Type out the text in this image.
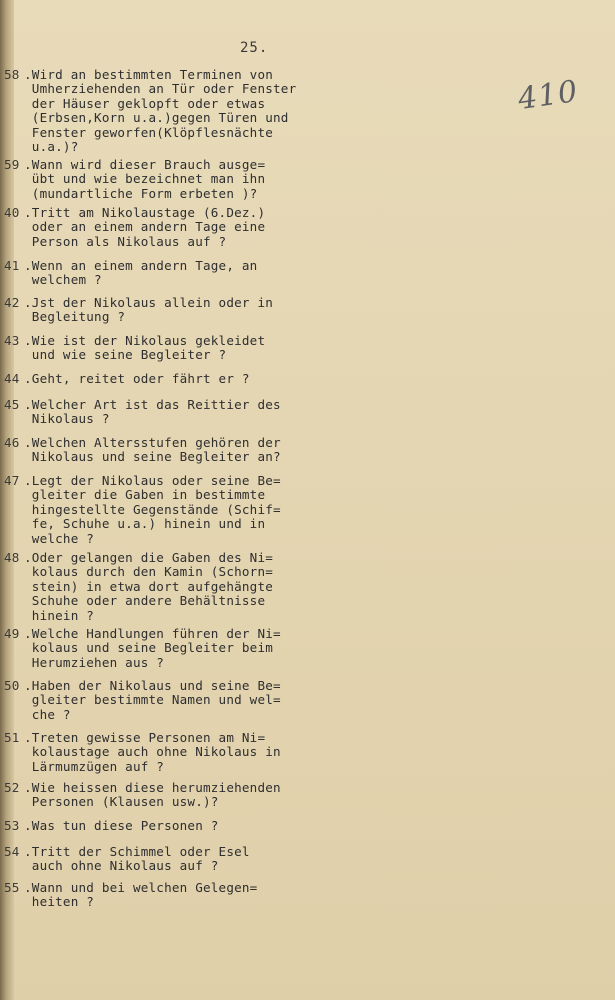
25.
410

58

.Wird an bestimmten Terminen von
Umherziehenden an Tür oder Fenster
der Häuser geklopft oder etwas
(Erbsen,Korn u.a.)gegen Türen und
Fenster geworfen(Klöpflesnächte
u.a.)?

59

.Wann wird dieser Brauch ausge=
übt und wie bezeichnet man ihn
(mundartliche Form erbeten )?

40

.Tritt am Nikolaustage (6.Dez.)
oder an einem andern Tage eine
Person als Nikolaus auf ?

41

.Wenn an einem andern Tage, an
welchem ?

42

.Jst der Nikolaus allein oder in
Begleitung ?

43

.Wie ist der Nikolaus gekleidet
und wie seine Begleiter ?

44

.Geht, reitet oder fährt er ?

45

.Welcher Art ist das Reittier des
Nikolaus ?

46

.Welchen Altersstufen gehören der
Nikolaus und seine Begleiter an?

47

.Legt der Nikolaus oder seine Be=
gleiter die Gaben in bestimmte
hingestellte Gegenstände (Schif=
fe, Schuhe u.a.) hinein und in
welche ?

48

.Oder gelangen die Gaben des Ni=
kolaus durch den Kamin (Schorn=
stein) in etwa dort aufgehängte
Schuhe oder andere Behältnisse
hinein ?

49

.Welche Handlungen führen der Ni=
kolaus und seine Begleiter beim
Herumziehen aus ?

50

.Haben der Nikolaus und seine Be=
gleiter bestimmte Namen und wel=
che ?

51

.Treten gewisse Personen am Ni=
kolaustage auch ohne Nikolaus in
Lärmumzügen auf ?

52

.Wie heissen diese herumziehenden
Personen (Klausen usw.)?

53

.Was tun diese Personen ?

54

.Tritt der Schimmel oder Esel
auch ohne Nikolaus auf ?

55

.Wann und bei welchen Gelegen=
heiten ?
